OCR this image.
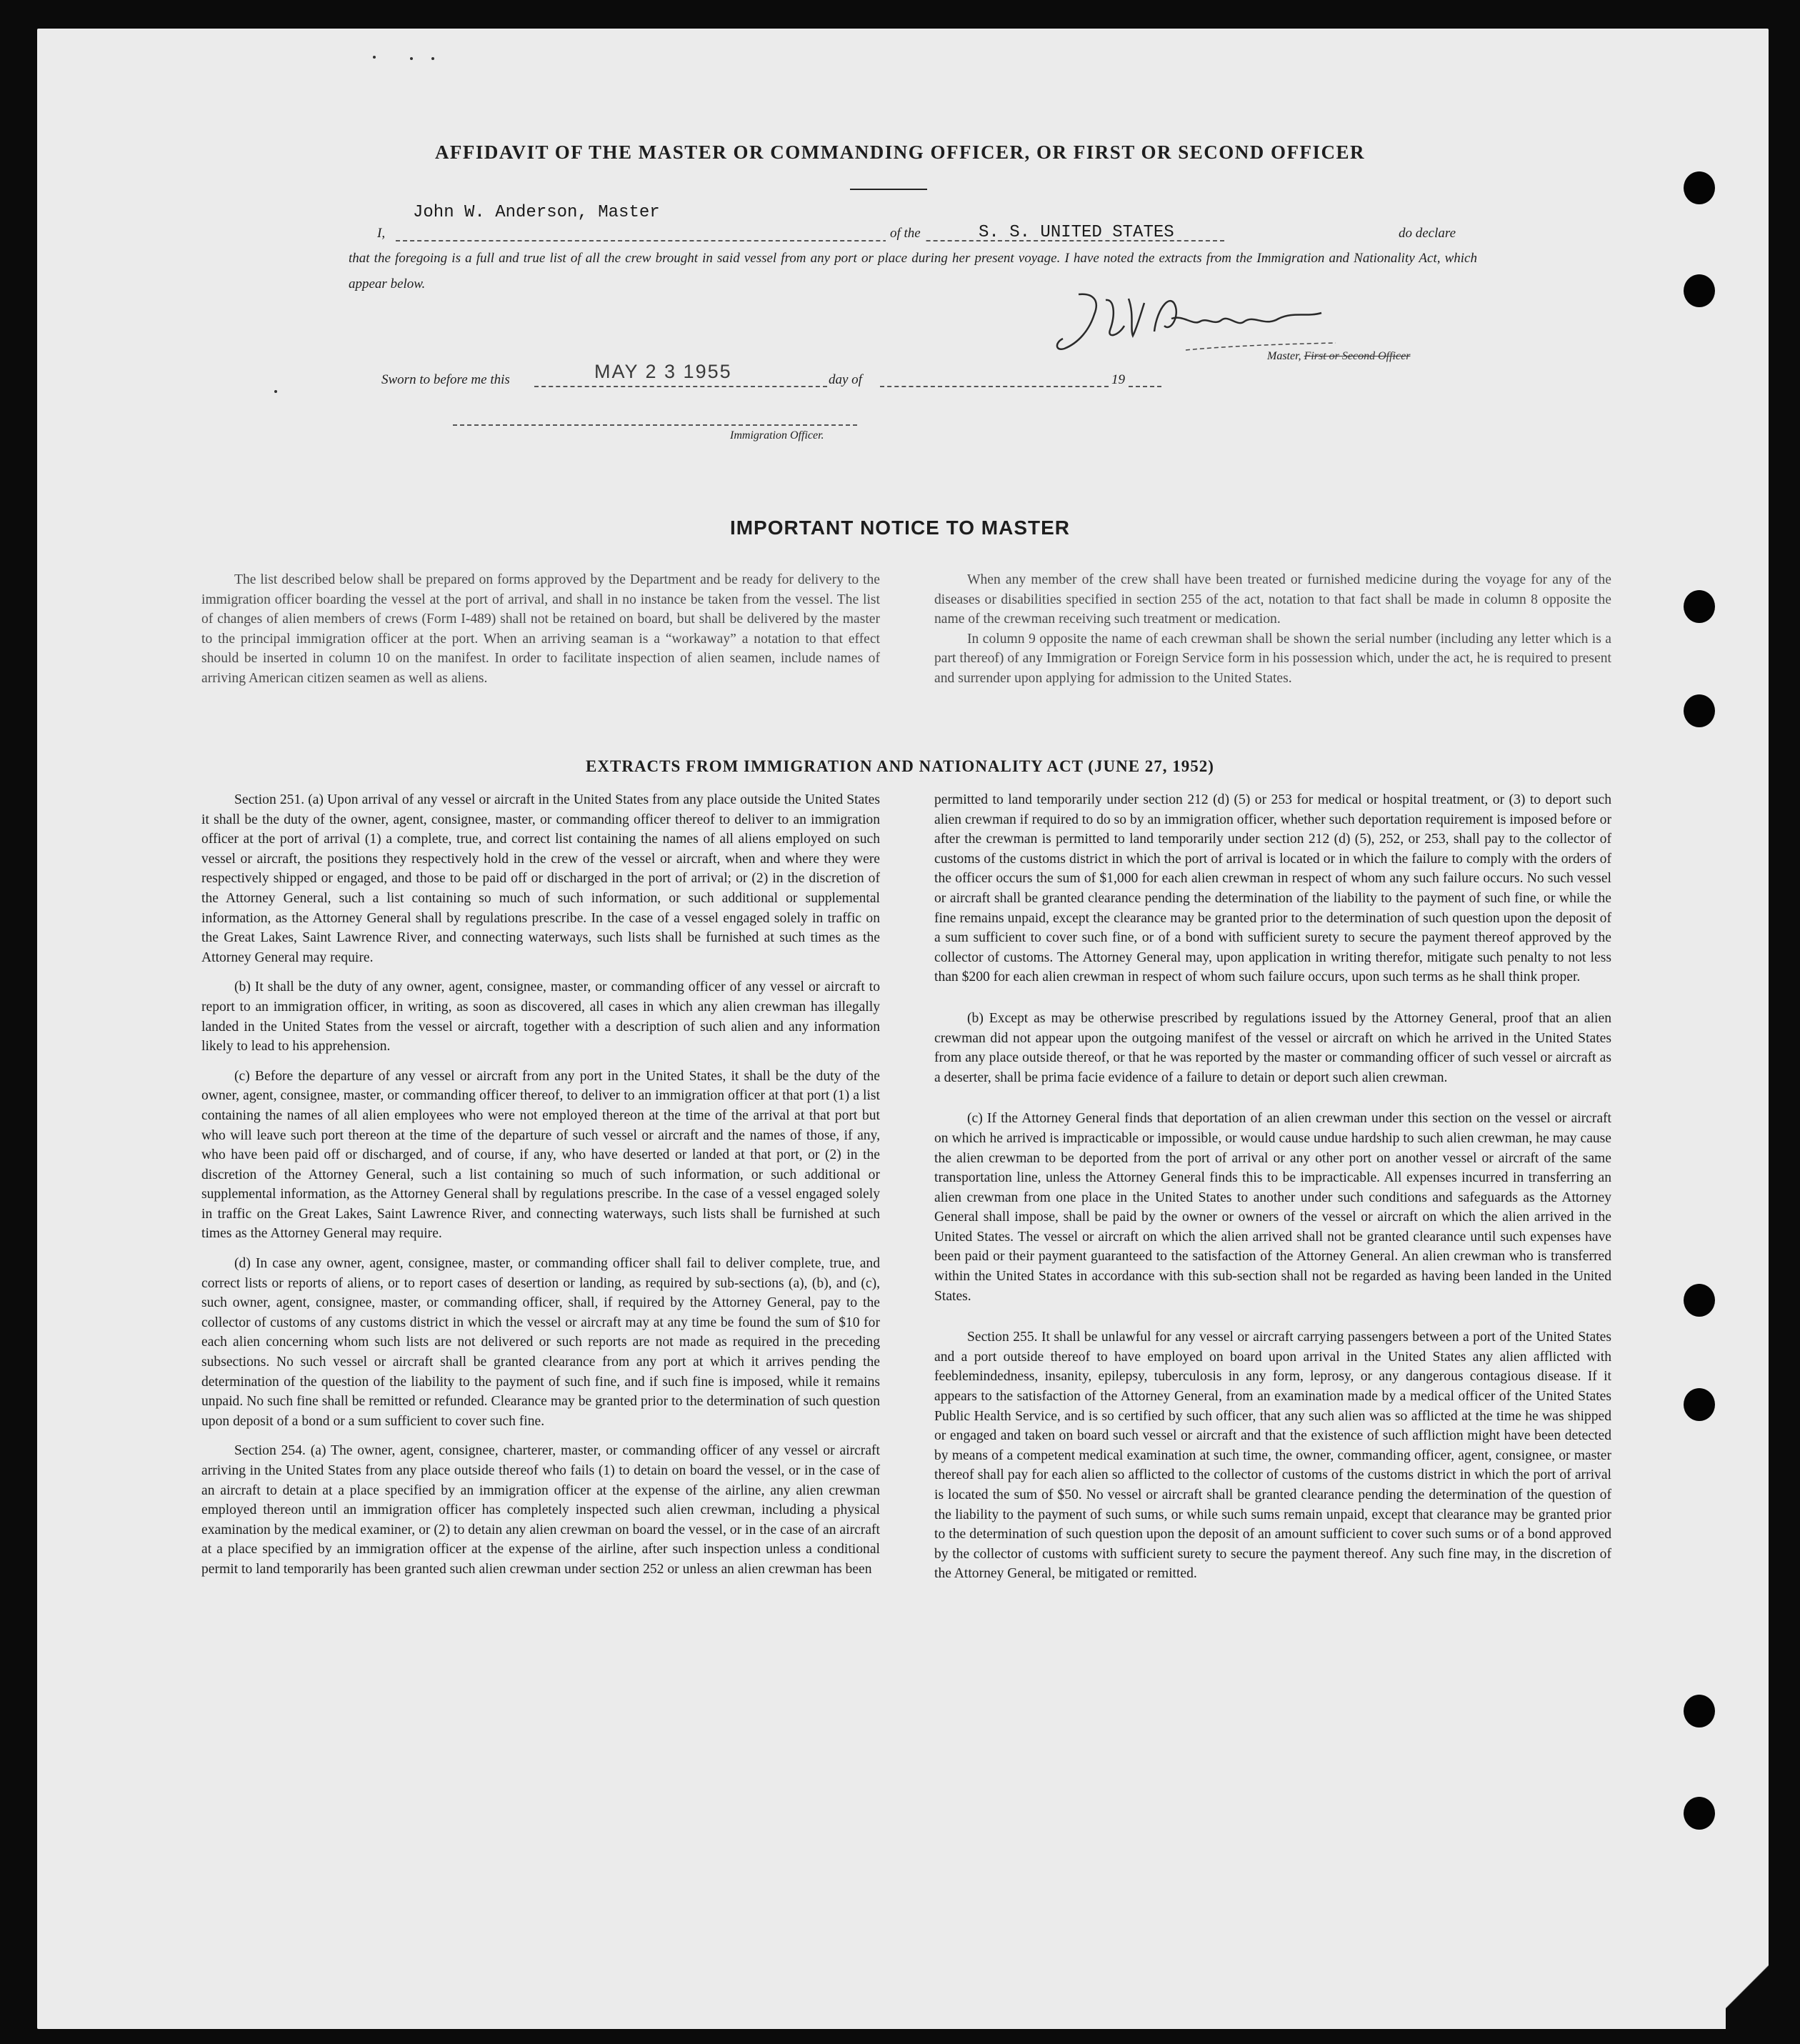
AFFIDAVIT OF THE MASTER OR COMMANDING OFFICER, OR FIRST OR SECOND OFFICER
John W. Anderson, Master
S. S. UNITED STATES
I,	of the	do declare
that the foregoing is a full and true list of all the crew brought in said vessel from any port or place during her present voyage. I have noted the extracts from the Immigration and Nationality Act, which appear below.
Master, First or Second Officer
Sworn to before me this	MAY 2 3 1955	day of	19
Immigration Officer.
IMPORTANT NOTICE TO MASTER

The list described below shall be prepared on forms approved by the Department and be ready for delivery to the immigration officer boarding the vessel at the port of arrival, and shall in no instance be taken from the vessel. The list of changes of alien members of crews (Form I-489) shall not be retained on board, but shall be delivered by the master to the principal immigration officer at the port. When an arriving seaman is a “workaway” a notation to that effect should be inserted in column 10 on the manifest. In order to facilitate inspection of alien seamen, include names of arriving American citizen seamen as well as aliens.

When any member of the crew shall have been treated or furnished medicine during the voyage for any of the diseases or disabilities specified in section 255 of the act, notation to that fact shall be made in column 8 opposite the name of the crewman receiving such treatment or medication.

In column 9 opposite the name of each crewman shall be shown the serial number (including any letter which is a part thereof) of any Immigration or Foreign Service form in his possession which, under the act, he is required to present and surrender upon applying for admission to the United States.

EXTRACTS FROM IMMIGRATION AND NATIONALITY ACT (JUNE 27, 1952)

Section 251. (a) Upon arrival of any vessel or aircraft in the United States from any place outside the United States it shall be the duty of the owner, agent, consignee, master, or commanding officer thereof to deliver to an immigration officer at the port of arrival (1) a complete, true, and correct list containing the names of all aliens employed on such vessel or aircraft, the positions they respectively hold in the crew of the vessel or aircraft, when and where they were respectively shipped or engaged, and those to be paid off or discharged in the port of arrival; or (2) in the discretion of the Attorney General, such a list containing so much of such information, or such additional or supplemental information, as the Attorney General shall by regulations prescribe. In the case of a vessel engaged solely in traffic on the Great Lakes, Saint Lawrence River, and connecting waterways, such lists shall be furnished at such times as the Attorney General may require.

(b) It shall be the duty of any owner, agent, consignee, master, or commanding officer of any vessel or aircraft to report to an immigration officer, in writing, as soon as discovered, all cases in which any alien crewman has illegally landed in the United States from the vessel or aircraft, together with a description of such alien and any information likely to lead to his apprehension.

(c) Before the departure of any vessel or aircraft from any port in the United States, it shall be the duty of the owner, agent, consignee, master, or commanding officer thereof, to deliver to an immigration officer at that port (1) a list containing the names of all alien employees who were not employed thereon at the time of the arrival at that port but who will leave such port thereon at the time of the departure of such vessel or aircraft and the names of those, if any, who have been paid off or discharged, and of course, if any, who have deserted or landed at that port, or (2) in the discretion of the Attorney General, such a list containing so much of such information, or such additional or supplemental information, as the Attorney General shall by regulations prescribe. In the case of a vessel engaged solely in traffic on the Great Lakes, Saint Lawrence River, and connecting waterways, such lists shall be furnished at such times as the Attorney General may require.

(d) In case any owner, agent, consignee, master, or commanding officer shall fail to deliver complete, true, and correct lists or reports of aliens, or to report cases of desertion or landing, as required by sub-sections (a), (b), and (c), such owner, agent, consignee, master, or commanding officer, shall, if required by the Attorney General, pay to the collector of customs of any customs district in which the vessel or aircraft may at any time be found the sum of $10 for each alien concerning whom such lists are not delivered or such reports are not made as required in the preceding subsections. No such vessel or aircraft shall be granted clearance from any port at which it arrives pending the determination of the question of the liability to the payment of such fine, and if such fine is imposed, while it remains unpaid. No such fine shall be remitted or refunded. Clearance may be granted prior to the determination of such question upon deposit of a bond or a sum sufficient to cover such fine.

Section 254. (a) The owner, agent, consignee, charterer, master, or commanding officer of any vessel or aircraft arriving in the United States from any place outside thereof who fails (1) to detain on board the vessel, or in the case of an aircraft to detain at a place specified by an immigration officer at the expense of the airline, any alien crewman employed thereon until an immigration officer has completely inspected such alien crewman, including a physical examination by the medical examiner, or (2) to detain any alien crewman on board the vessel, or in the case of an aircraft at a place specified by an immigration officer at the expense of the airline, after such inspection unless a conditional permit to land temporarily has been granted such alien crewman under section 252 or unless an alien crewman has been

permitted to land temporarily under section 212 (d) (5) or 253 for medical or hospital treatment, or (3) to deport such alien crewman if required to do so by an immigration officer, whether such deportation requirement is imposed before or after the crewman is permitted to land temporarily under section 212 (d) (5), 252, or 253, shall pay to the collector of customs of the customs district in which the port of arrival is located or in which the failure to comply with the orders of the officer occurs the sum of $1,000 for each alien crewman in respect of whom any such failure occurs. No such vessel or aircraft shall be granted clearance pending the determination of the liability to the payment of such fine, or while the fine remains unpaid, except the clearance may be granted prior to the determination of such question upon the deposit of a sum sufficient to cover such fine, or of a bond with sufficient surety to secure the payment thereof approved by the collector of customs. The Attorney General may, upon application in writing therefor, mitigate such penalty to not less than $200 for each alien crewman in respect of whom such failure occurs, upon such terms as he shall think proper.

(b) Except as may be otherwise prescribed by regulations issued by the Attorney General, proof that an alien crewman did not appear upon the outgoing manifest of the vessel or aircraft on which he arrived in the United States from any place outside thereof, or that he was reported by the master or commanding officer of such vessel or aircraft as a deserter, shall be prima facie evidence of a failure to detain or deport such alien crewman.

(c) If the Attorney General finds that deportation of an alien crewman under this section on the vessel or aircraft on which he arrived is impracticable or impossible, or would cause undue hardship to such alien crewman, he may cause the alien crewman to be deported from the port of arrival or any other port on another vessel or aircraft of the same transportation line, unless the Attorney General finds this to be impracticable. All expenses incurred in transferring an alien crewman from one place in the United States to another under such conditions and safeguards as the Attorney General shall impose, shall be paid by the owner or owners of the vessel or aircraft on which the alien arrived in the United States. The vessel or aircraft on which the alien arrived shall not be granted clearance until such expenses have been paid or their payment guaranteed to the satisfaction of the Attorney General. An alien crewman who is transferred within the United States in accordance with this sub-section shall not be regarded as having been landed in the United States.

Section 255. It shall be unlawful for any vessel or aircraft carrying passengers between a port of the United States and a port outside thereof to have employed on board upon arrival in the United States any alien afflicted with feeblemindedness, insanity, epilepsy, tuberculosis in any form, leprosy, or any dangerous contagious disease. If it appears to the satisfaction of the Attorney General, from an examination made by a medical officer of the United States Public Health Service, and is so certified by such officer, that any such alien was so afflicted at the time he was shipped or engaged and taken on board such vessel or aircraft and that the existence of such affliction might have been detected by means of a competent medical examination at such time, the owner, commanding officer, agent, consignee, or master thereof shall pay for each alien so afflicted to the collector of customs of the customs district in which the port of arrival is located the sum of $50. No vessel or aircraft shall be granted clearance pending the determination of the question of the liability to the payment of such sums, or while such sums remain unpaid, except that clearance may be granted prior to the determination of such question upon the deposit of an amount sufficient to cover such sums or of a bond approved by the collector of customs with sufficient surety to secure the payment thereof. Any such fine may, in the discretion of the Attorney General, be mitigated or remitted.
